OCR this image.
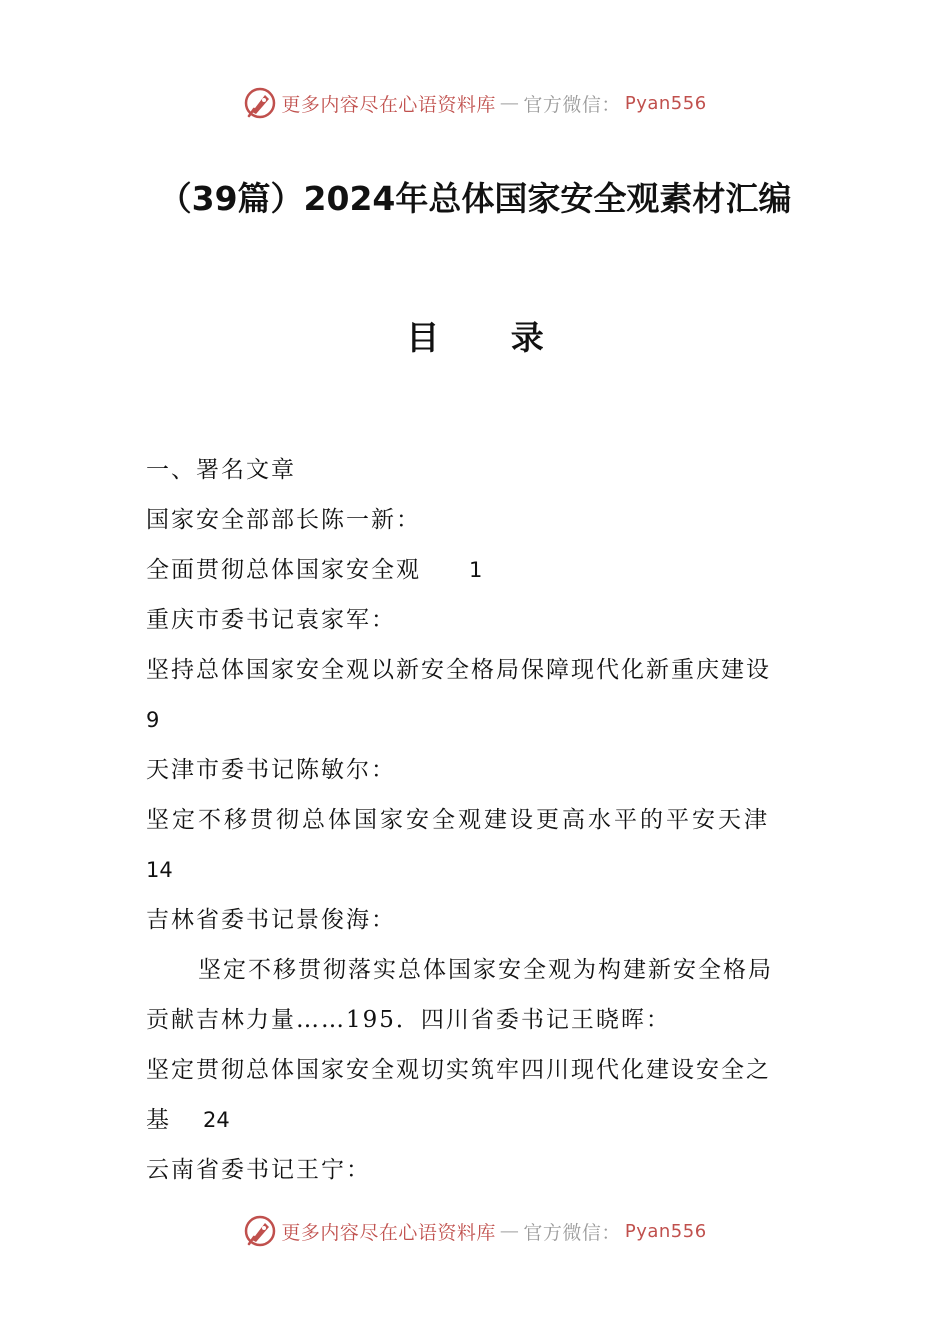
更多内容尽在心语资料库 — 官方微信： Pyan556
（39篇）2024年总体国家安全观素材汇编
目 录
一、署名文章
国家安全部部长陈一新：
全面贯彻总体国家安全观 1
重庆市委书记袁家军：
坚持总体国家安全观以新安全格局保障现代化新重庆建设
9
天津市委书记陈敏尔：
坚定不移贯彻总体国家安全观建设更高水平的平安天津
14
吉林省委书记景俊海：
坚定不移贯彻落实总体国家安全观为构建新安全格局
贡献吉林力量……195．四川省委书记王晓晖：
坚定贯彻总体国家安全观切实筑牢四川现代化建设安全之
基 24
云南省委书记王宁：
更多内容尽在心语资料库 — 官方微信： Pyan556
